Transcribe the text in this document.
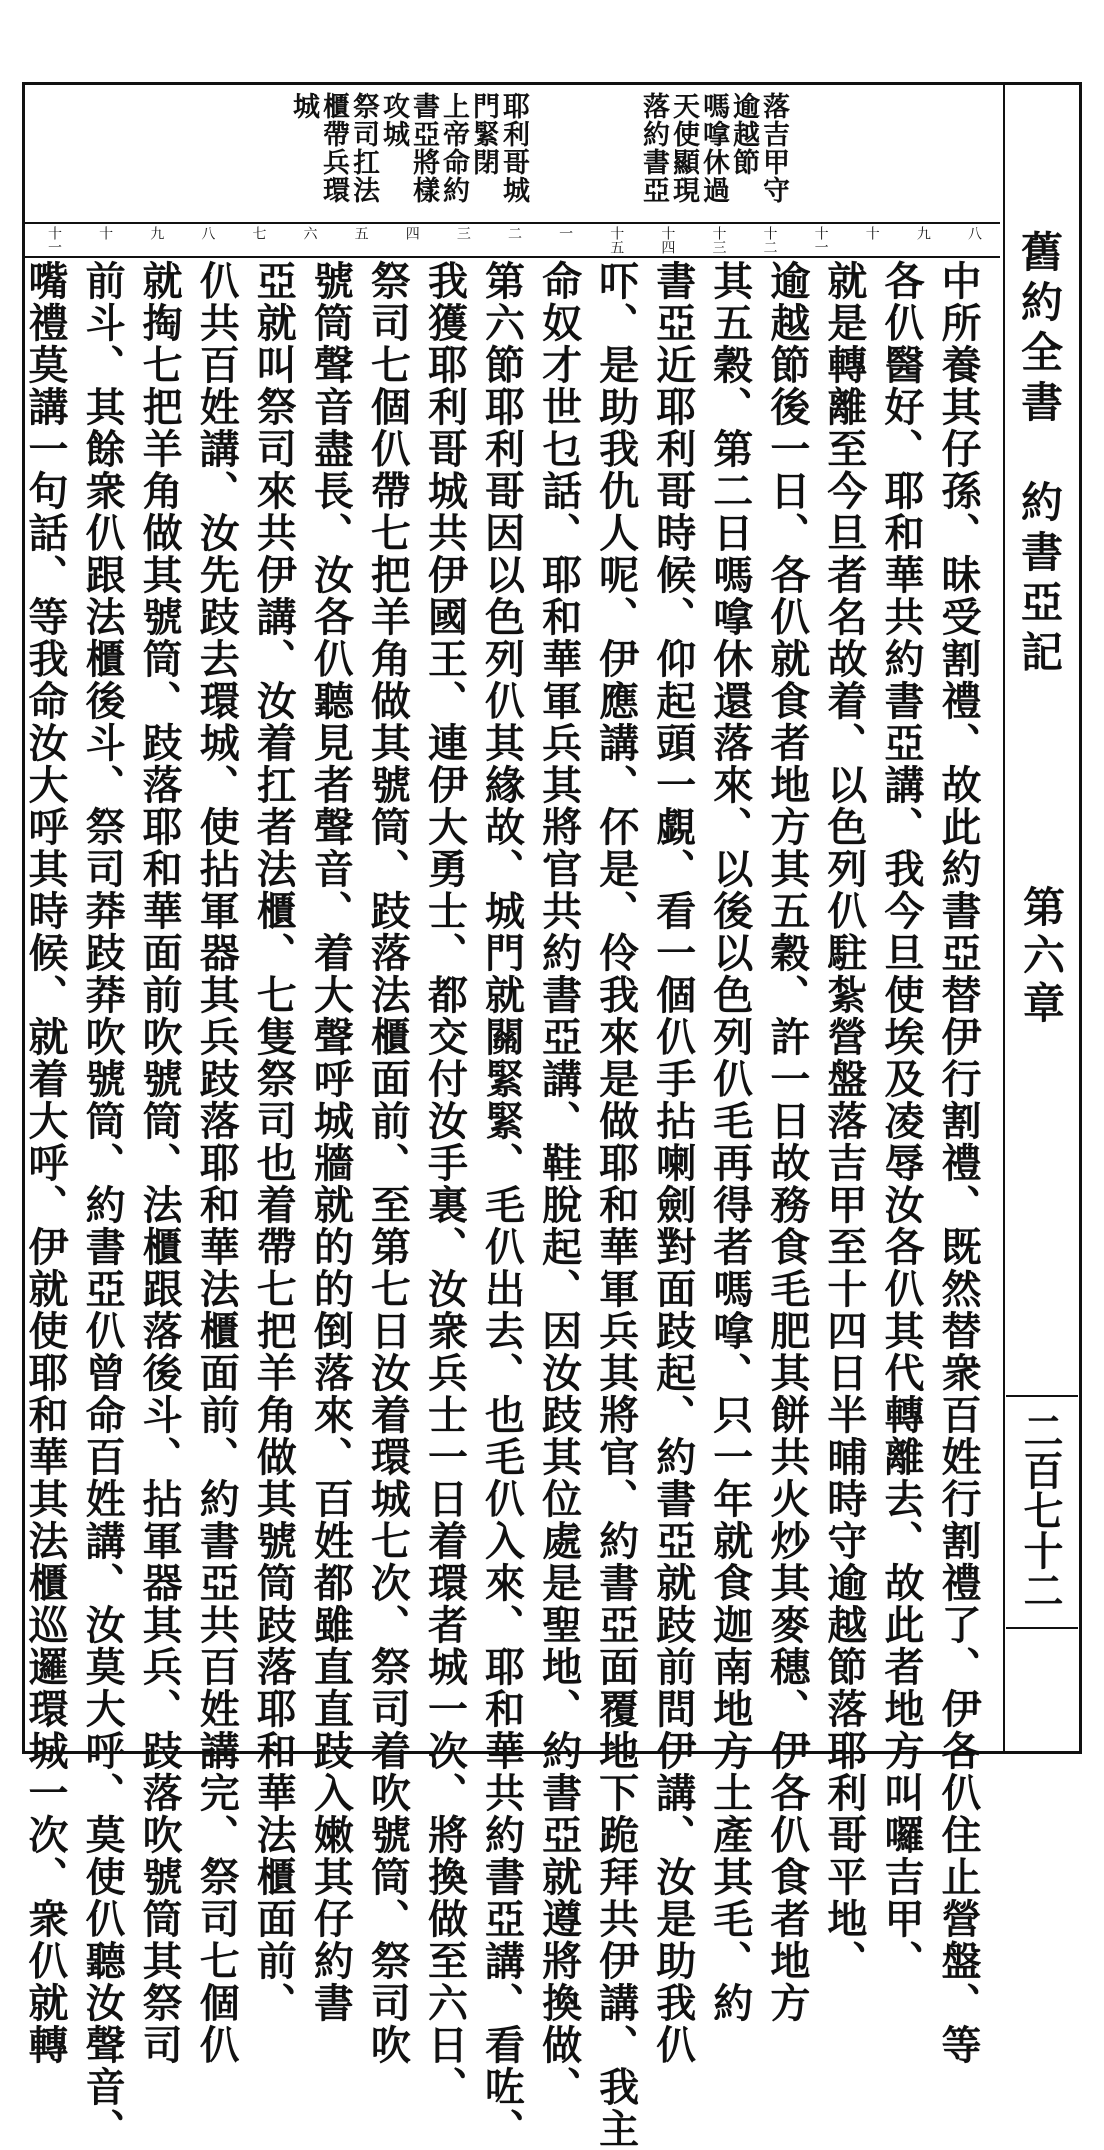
舊約全書　約書亞記
第六章
二百七十二
落吉甲守
逾越節
嗎嗱休過
天使顯現
落約書亞
耶利哥城
門緊閉
上帝命約
書亞將樣
攻城
祭司扛法
櫃帶兵環
城
八
九
十
十一
十二
十三
十四
十五
一
二
三
四
五
六
七
八
九
十
十一
中所養其仔孫、昧受割禮、故此約書亞替伊行割禮、既然替衆百姓行割禮了、伊各仈住止營盤、等
各仈醫好、耶和華共約書亞講、我今旦使埃及凌辱汝各仈其代轉離去、故此者地方叫囉吉甲、
就是轉離至今旦者名故着、以色列仈駐紮營盤落吉甲至十四日半晡時守逾越節落耶利哥平地、
逾越節後一日、各仈就食者地方其五穀、許一日故務食毛肥其餅共火炒其麥穗、伊各仈食者地方
其五穀、第二日嗎嗱休還落來、以後以色列仈毛再得者嗎嗱、只一年就食迦南地方土產其毛、約
書亞近耶利哥時候、仰起頭一覷、看一個仈手拈喇劍對面跂起、約書亞就跂前問伊講、汝是助我仈
吓、是助我仇人呢、伊應講、伓是、伶我來是做耶和華軍兵其將官、約書亞面覆地下跪拜共伊講、我主
命奴才世乜話、耶和華軍兵其將官共約書亞講、鞋脫起、因汝跂其位處是聖地、約書亞就遵將換做、
第六節耶利哥因以色列仈其緣故、城門就關緊緊、毛仈出去、也毛仈入來、耶和華共約書亞講、看咗、
我獲耶利哥城共伊國王、連伊大勇士、都交付汝手裏、汝衆兵士一日着環者城一次、將換做至六日、
祭司七個仈帶七把羊角做其號筒、跂落法櫃面前、至第七日汝着環城七次、祭司着吹號筒、祭司吹
號筒聲音盡長、汝各仈聽見者聲音、着大聲呼城牆就的的倒落來、百姓都雖直直跂入嫩其仔約書
亞就叫祭司來共伊講、汝着扛者法櫃、七隻祭司也着帶七把羊角做其號筒跂落耶和華法櫃面前、
仈共百姓講、汝先跂去環城、使拈軍器其兵跂落耶和華法櫃面前、約書亞共百姓講完、祭司七個仈
就掏七把羊角做其號筒、跂落耶和華面前吹號筒、法櫃跟落後斗、拈軍器其兵、跂落吹號筒其祭司
前斗、其餘衆仈跟法櫃後斗、祭司莽跂莽吹號筒、約書亞仈曾命百姓講、汝莫大呼、莫使仈聽汝聲音、
嘴禮莫講一句話、等我命汝大呼其時候、就着大呼、伊就使耶和華其法櫃巡邏環城一次、衆仈就轉
